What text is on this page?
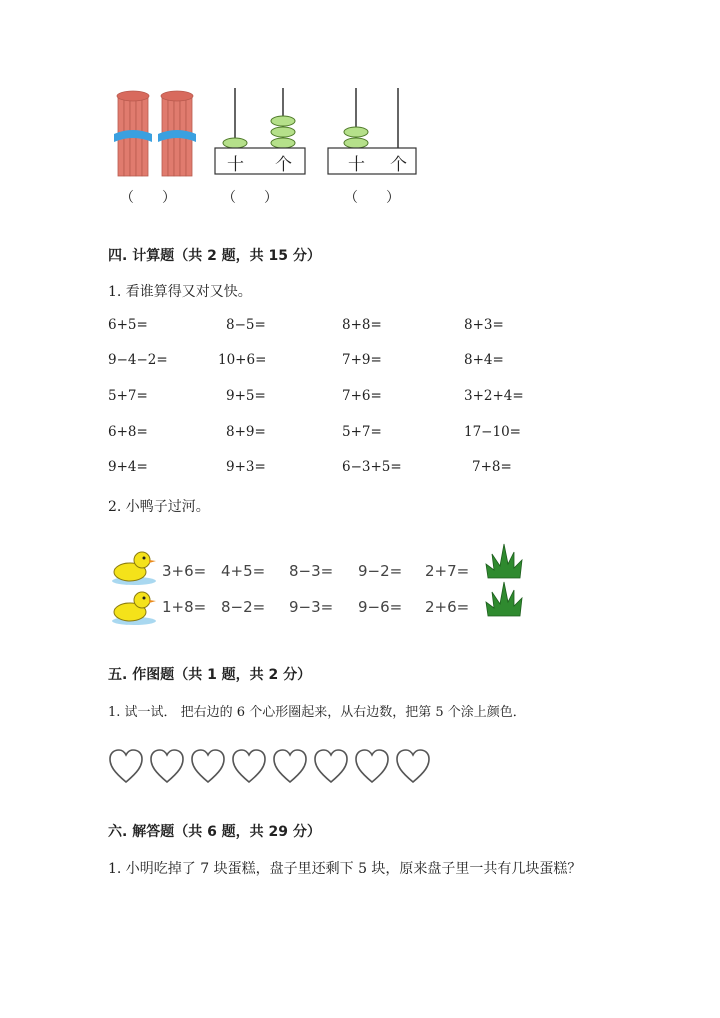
十 个	十 个
（　　）	（　　）	（　　）
四. 计算题（共 2 题，共 15 分）
1. 看谁算得又对又快。
6+5=	8−5=	8+8=	8+3=
9−4−2=	10+6=	7+9=	8+4=
5+7=	9+5=	7+6=	3+2+4=
6+8=	8+9=	5+7=	17−10=
9+4=	9+3=	6−3+5=	7+8=
2. 小鸭子过河。
3+6= 4+5= 8−3= 9−2= 2+7=
1+8= 8−2= 9−3= 9−6= 2+6=
五. 作图题（共 1 题，共 2 分）
1. 试一试． 把右边的 6 个心形圈起来，从右边数，把第 5 个涂上颜色．
六. 解答题（共 6 题，共 29 分）
1. 小明吃掉了 7 块蛋糕，盘子里还剩下 5 块，原来盘子里一共有几块蛋糕？
